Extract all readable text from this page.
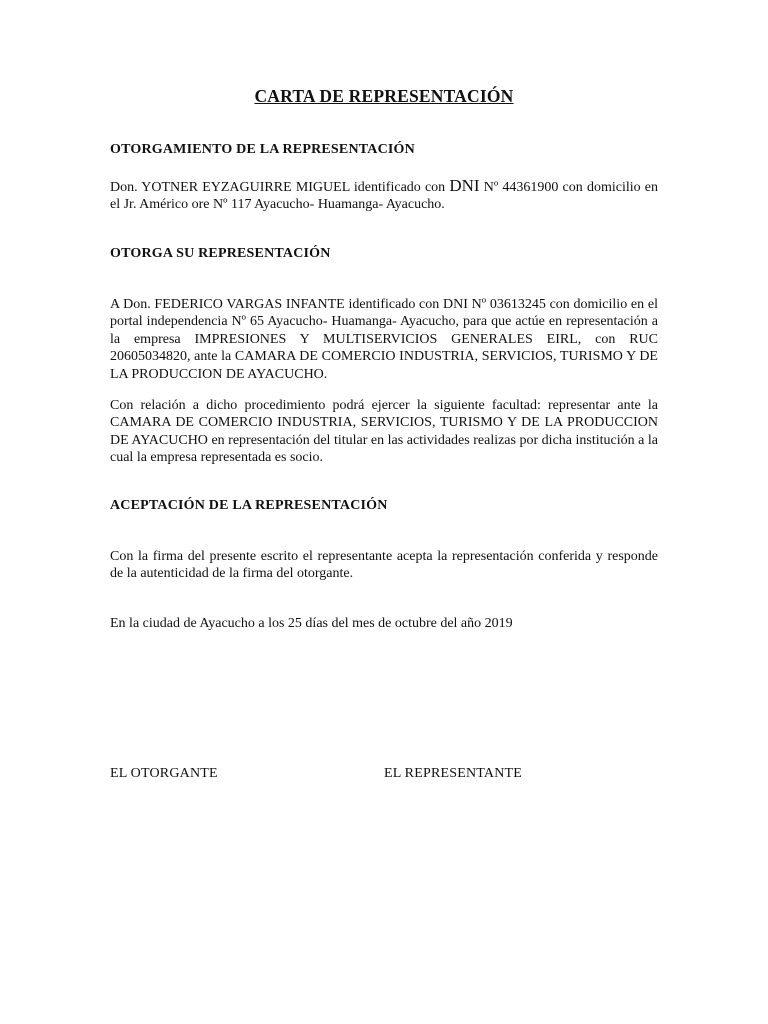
CARTA DE REPRESENTACIÓN
OTORGAMIENTO DE LA REPRESENTACIÓN
Don. YOTNER EYZAGUIRRE MIGUEL identificado con DNI Nº 44361900 con domicilio en el Jr. Américo ore Nº 117 Ayacucho- Huamanga- Ayacucho.
OTORGA SU REPRESENTACIÓN
A Don. FEDERICO VARGAS INFANTE identificado con DNI Nº 03613245 con domicilio en el portal independencia Nº 65 Ayacucho- Huamanga- Ayacucho, para que actúe en representación a la empresa IMPRESIONES Y MULTISERVICIOS GENERALES EIRL, con RUC 20605034820, ante la CAMARA DE COMERCIO INDUSTRIA, SERVICIOS, TURISMO Y DE LA PRODUCCION DE AYACUCHO.
Con relación a dicho procedimiento podrá ejercer la siguiente facultad: representar ante la CAMARA DE COMERCIO INDUSTRIA, SERVICIOS, TURISMO Y DE LA PRODUCCION DE AYACUCHO en representación del titular en las actividades realizas por dicha institución a la cual la empresa representada es socio.
ACEPTACIÓN DE LA REPRESENTACIÓN
Con la firma del presente escrito el representante acepta la representación conferida y responde de la autenticidad de la firma del otorgante.
En la ciudad de Ayacucho a los 25 días del mes de octubre del año 2019
EL OTORGANTE	EL REPRESENTANTE
